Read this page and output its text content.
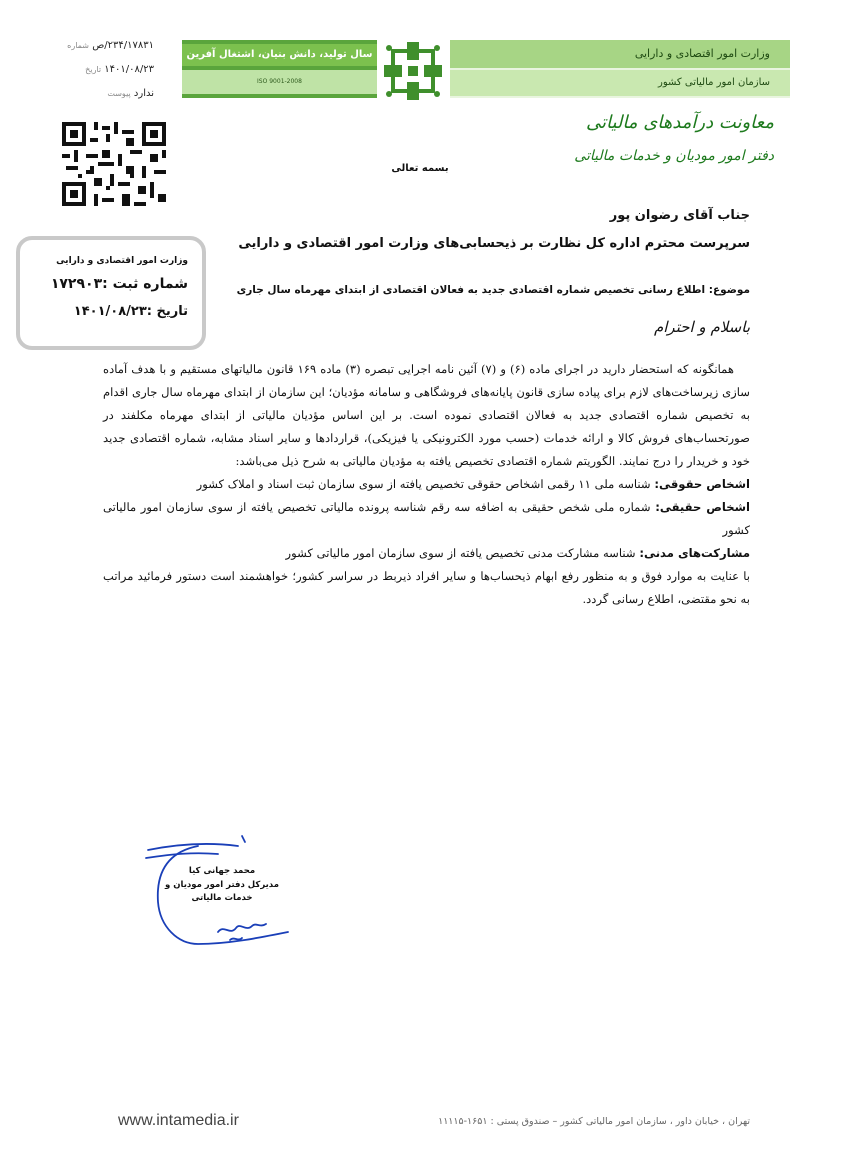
سال تولید، دانش بنیان، اشتغال آفرین
ISO 9001-2008
وزارت امور اقتصادی و دارایی
سازمان امور مالیاتی کشور
۲۳۴/۱۷۸۳۱/ص شماره
۱۴۰۱/۰۸/۲۳ تاریخ
ندارد پیوست
معاونت درآمدهای مالیاتی
دفتر امور مودیان و خدمات مالیاتی
بسمه تعالی
وزارت امور اقتصادی و دارایی
شماره ثبت :۱۷۲۹۰۳
تاریخ :۱۴۰۱/۰۸/۲۳
جناب آقای رضوان پور
سرپرست محترم اداره کل نظارت بر ذیحسابی‌های وزارت امور اقتصادی و دارایی
موضوع: اطلاع رسانی تخصیص شماره اقتصادی جدید به فعالان اقتصادی از ابتدای مهرماه سال جاری
باسلام و احترام

همانگونه که استحضار دارید در اجرای ماده (۶) و (۷) آئین نامه اجرایی تبصره (۳) ماده ۱۶۹ قانون مالیاتهای مستقیم و با هدف آماده سازی زیرساخت‌های لازم برای پیاده سازی قانون پایانه‌های فروشگاهی و سامانه مؤدیان؛ این سازمان از ابتدای مهرماه سال جاری اقدام به تخصیص شماره اقتصادی جدید به فعالان اقتصادی نموده است. بر این اساس مؤدیان مالیاتی از ابتدای مهرماه مکلفند در صورتحساب‌های فروش کالا و ارائه خدمات (حسب مورد الکترونیکی یا فیزیکی)، قراردادها و سایر اسناد مشابه، شماره اقتصادی جدید خود و خریدار را درج نمایند. الگوریتم شماره اقتصادی تخصیص یافته به مؤدیان مالیاتی به شرح ذیل می‌باشد:

اشخاص حقوقی: شناسه ملی ۱۱ رقمی اشخاص حقوقی تخصیص یافته از سوی سازمان ثبت اسناد و املاک کشور

اشخاص حقیقی: شماره ملی شخص حقیقی به اضافه سه رقم شناسه پرونده مالیاتی تخصیص یافته از سوی سازمان امور مالیاتی کشور

مشارکت‌های مدنی: شناسه مشارکت مدنی تخصیص یافته از سوی سازمان امور مالیاتی کشور

با عنایت به موارد فوق و به منظور رفع ابهام ذیحساب‌ها و سایر افراد ذیربط در سراسر کشور؛ خواهشمند است دستور فرمائید مراتب به نحو مقتضی، اطلاع رسانی گردد.

محمد جهانی کیا
مدیرکل دفتر امور مودیان و
خدمات مالیاتی
www.intamedia.ir	تهران ، خیابان داور ، سازمان امور مالیاتی کشور – صندوق پستی : ۱۶۵۱-۱۱۱۱۵
